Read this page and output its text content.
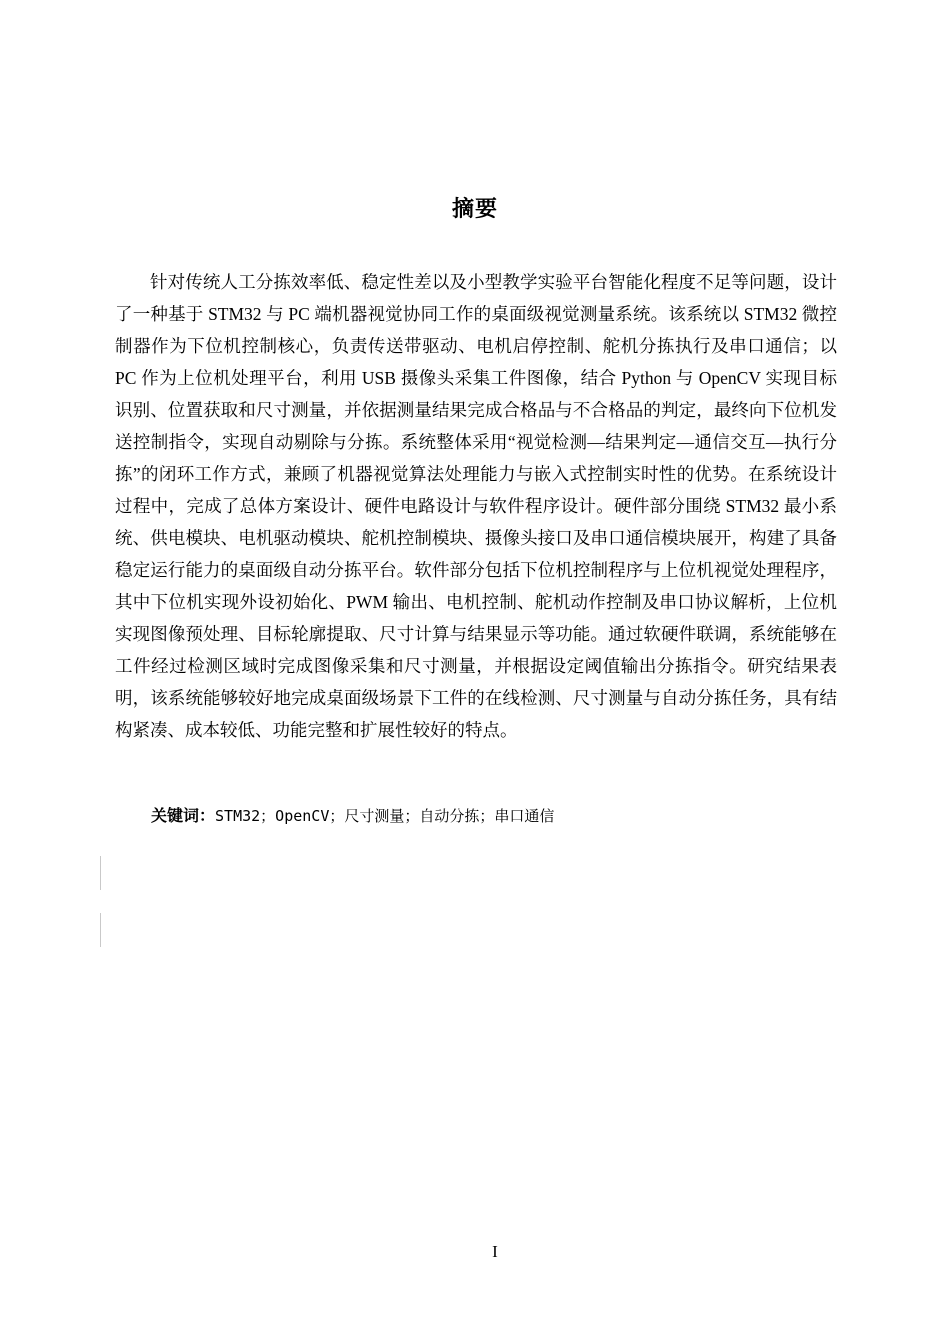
摘要

针对传统人工分拣效率低、稳定性差以及小型教学实验平台智能化程度不足等问题，设计了一种基于 STM32 与 PC 端机器视觉协同工作的桌面级视觉测量系统。该系统以 STM32 微控制器作为下位机控制核心，负责传送带驱动、电机启停控制、舵机分拣执行及串口通信；以 PC 作为上位机处理平台，利用 USB 摄像头采集工件图像，结合 Python 与 OpenCV 实现目标识别、位置获取和尺寸测量，并依据测量结果完成合格品与不合格品的判定，最终向下位机发送控制指令，实现自动剔除与分拣。系统整体采用“视觉检测—结果判定—通信交互—执行分拣”的闭环工作方式，兼顾了机器视觉算法处理能力与嵌入式控制实时性的优势。在系统设计过程中，完成了总体方案设计、硬件电路设计与软件程序设计。硬件部分围绕 STM32 最小系统、供电模块、电机驱动模块、舵机控制模块、摄像头接口及串口通信模块展开，构建了具备稳定运行能力的桌面级自动分拣平台。软件部分包括下位机控制程序与上位机视觉处理程序，其中下位机实现外设初始化、PWM 输出、电机控制、舵机动作控制及串口协议解析，上位机实现图像预处理、目标轮廓提取、尺寸计算与结果显示等功能。通过软硬件联调，系统能够在工件经过检测区域时完成图像采集和尺寸测量，并根据设定阈值输出分拣指令。研究结果表明，该系统能够较好地完成桌面级场景下工件的在线检测、尺寸测量与自动分拣任务，具有结构紧凑、成本较低、功能完整和扩展性较好的特点。

关键词：STM32；OpenCV；尺寸测量；自动分拣；串口通信
I
